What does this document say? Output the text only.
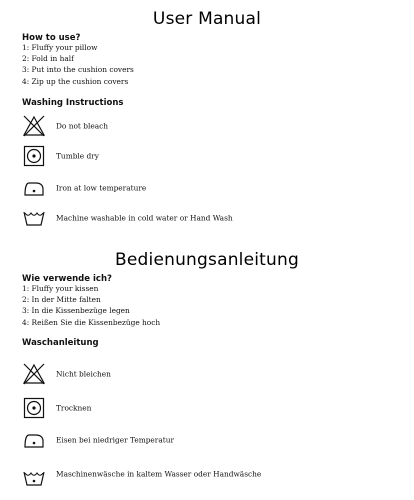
User Manual
How to use?
1: Fluffy your pillow
2: Fold in half
3: Put into the cushion covers
4: Zip up the cushion covers
Washing Instructions
Do not bleach
Tumble dry
Iron at low temperature
Machine washable in cold water or Hand Wash
Bedienungsanleitung
Wie verwende ich?
1: Fluffy your kissen
2: In der Mitte falten
3: In die Kissenbezüge legen
4: Reißen Sie die Kissenbezüge hoch
Waschanleitung
Nicht bleichen
Trocknen
Eisen bei niedriger Temperatur
Maschinenwäsche in kaltem Wasser oder Handwäsche
